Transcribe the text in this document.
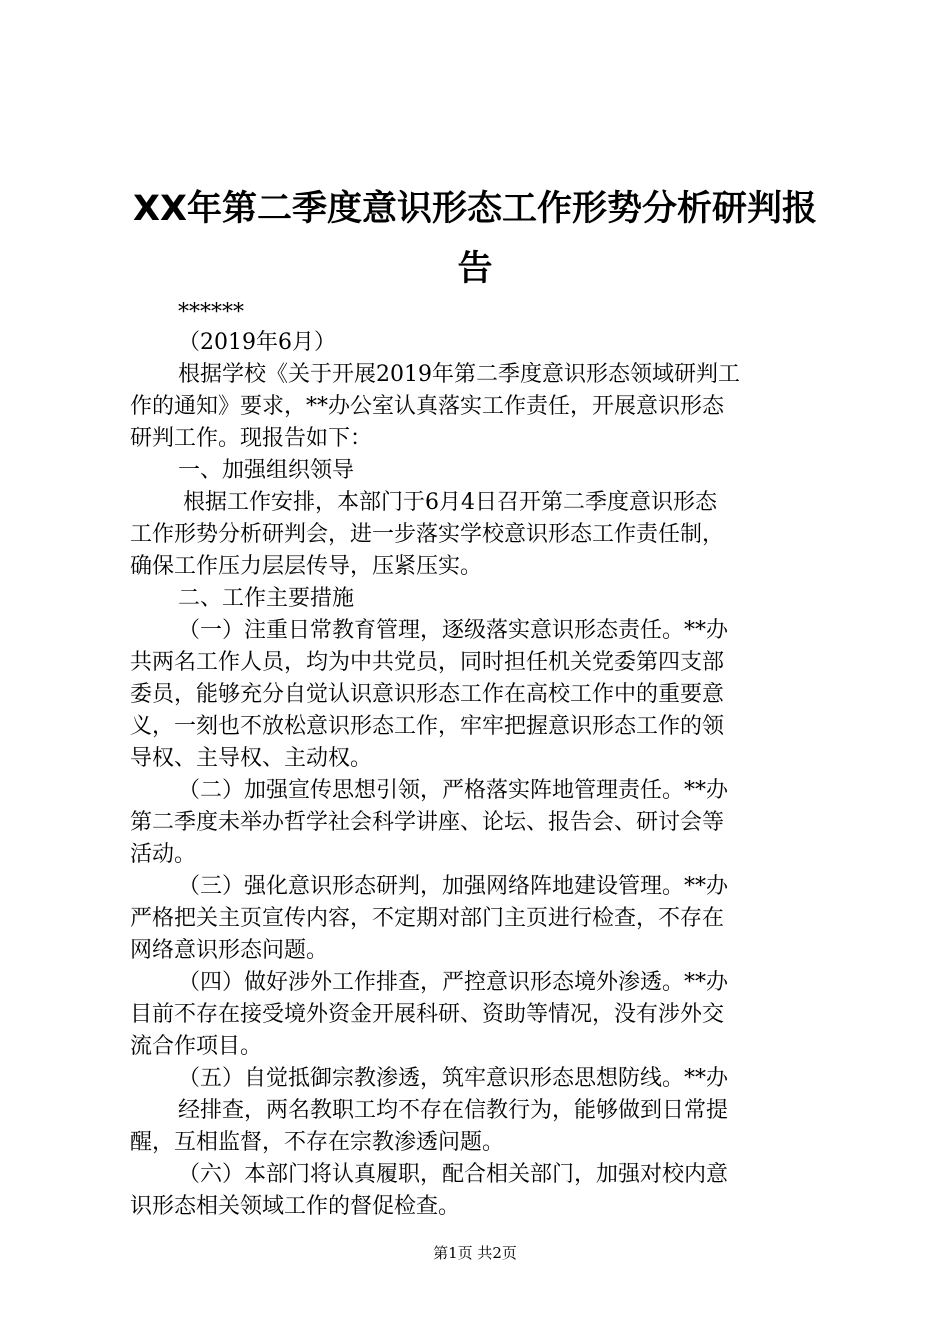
XX年第二季度意识形态工作形势分析研判报
告
******
（2019年6月）
根据学校《关于开展2019年第二季度意识形态领域研判工
作的通知》要求，**办公室认真落实工作责任，开展意识形态
研判工作。现报告如下：
一、加强组织领导
根据工作安排，本部门于6月4日召开第二季度意识形态
工作形势分析研判会，进一步落实学校意识形态工作责任制，
确保工作压力层层传导，压紧压实。
二、工作主要措施
（一）注重日常教育管理，逐级落实意识形态责任。**办
共两名工作人员，均为中共党员，同时担任机关党委第四支部
委员，能够充分自觉认识意识形态工作在高校工作中的重要意
义，一刻也不放松意识形态工作，牢牢把握意识形态工作的领
导权、主导权、主动权。
（二）加强宣传思想引领，严格落实阵地管理责任。**办
第二季度未举办哲学社会科学讲座、论坛、报告会、研讨会等
活动。
（三）强化意识形态研判，加强网络阵地建设管理。**办
严格把关主页宣传内容，不定期对部门主页进行检查，不存在
网络意识形态问题。
（四）做好涉外工作排查，严控意识形态境外渗透。**办
目前不存在接受境外资金开展科研、资助等情况，没有涉外交
流合作项目。
（五）自觉抵御宗教渗透，筑牢意识形态思想防线。**办
经排查，两名教职工均不存在信教行为，能够做到日常提
醒，互相监督，不存在宗教渗透问题。
（六）本部门将认真履职，配合相关部门，加强对校内意
识形态相关领域工作的督促检查。
第1页 共2页
